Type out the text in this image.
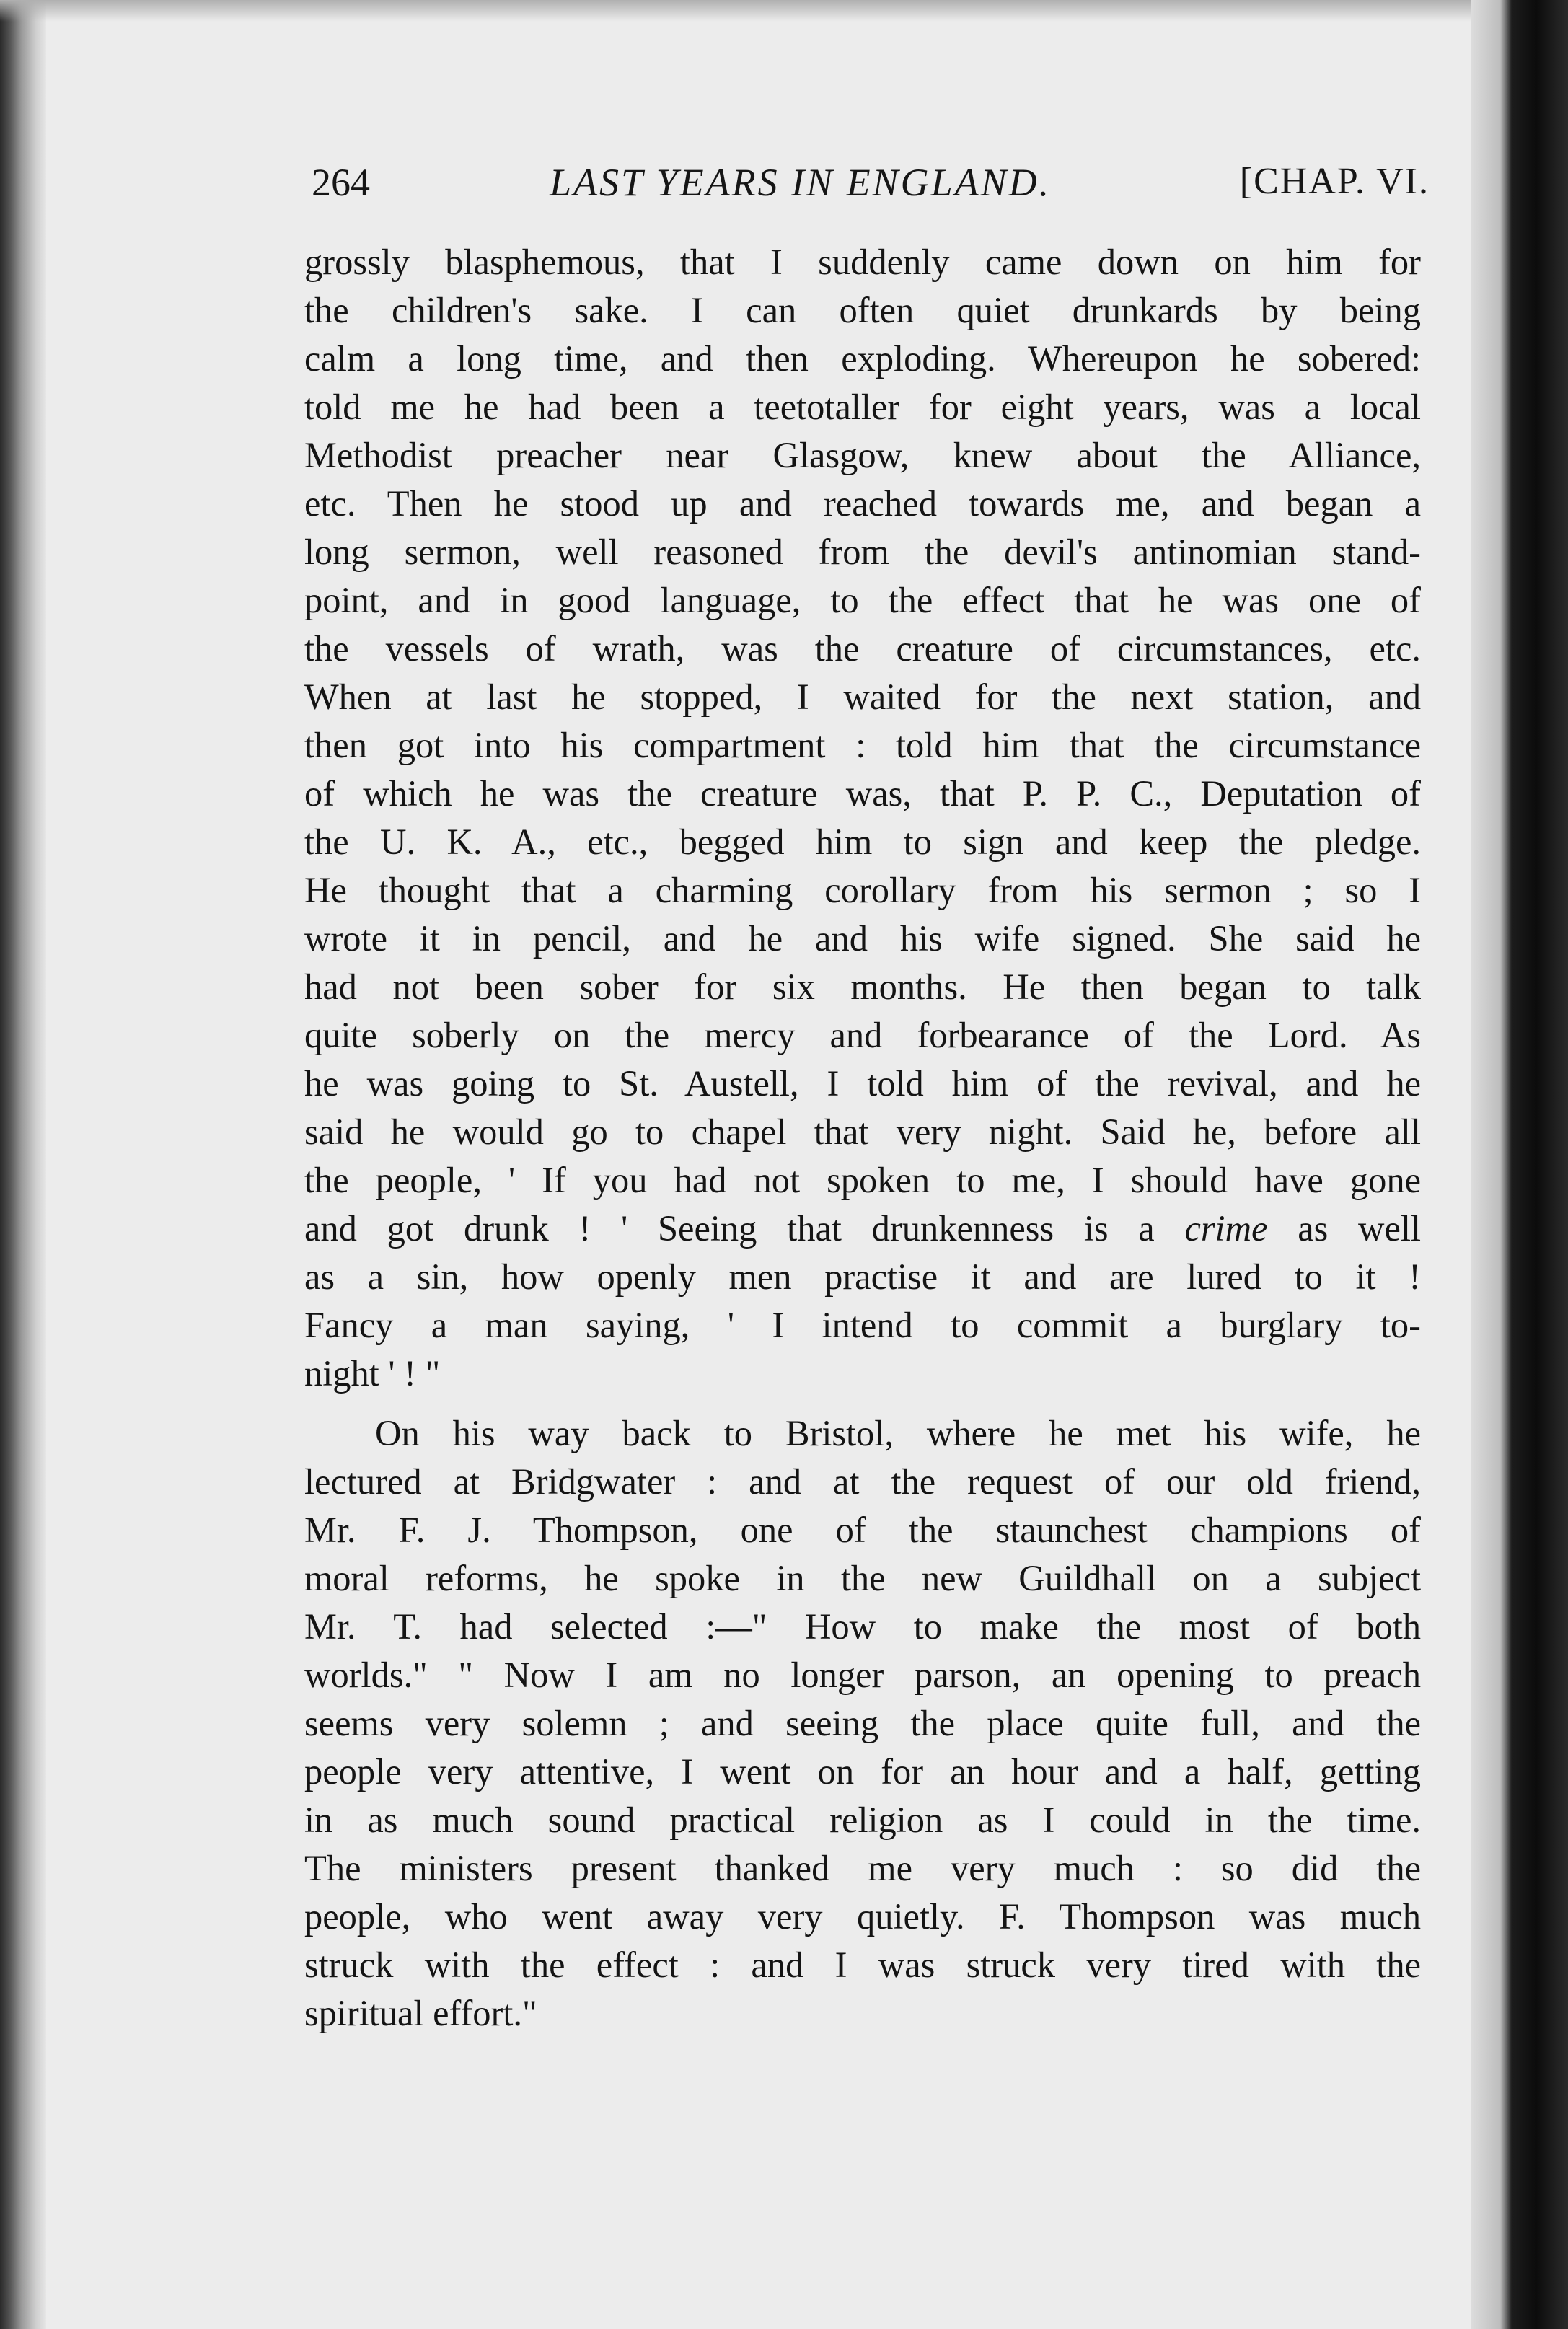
264	LAST YEARS IN ENGLAND.	[CHAP. VI.
grossly blasphemous, that I suddenly came down on him for
the children's sake. I can often quiet drunkards by being
calm a long time, and then exploding. Whereupon he sobered:
told me he had been a teetotaller for eight years, was a local
Methodist preacher near Glasgow, knew about the Alliance,
etc. Then he stood up and reached towards me, and began a
long sermon, well reasoned from the devil's antinomian stand-
point, and in good language, to the effect that he was one of
the vessels of wrath, was the creature of circumstances, etc.
When at last he stopped, I waited for the next station, and
then got into his compartment : told him that the circumstance
of which he was the creature was, that P. P. C., Deputation of
the U. K. A., etc., begged him to sign and keep the pledge.
He thought that a charming corollary from his sermon ; so I
wrote it in pencil, and he and his wife signed. She said he
had not been sober for six months. He then began to talk
quite soberly on the mercy and forbearance of the Lord. As
he was going to St. Austell, I told him of the revival, and he
said he would go to chapel that very night. Said he, before all
the people, ' If you had not spoken to me, I should have gone
and got drunk ! ' Seeing that drunkenness is a crime as well
as a sin, how openly men practise it and are lured to it !
Fancy a man saying, ' I intend to commit a burglary to-
night ' ! "
On his way back to Bristol, where he met his wife, he
lectured at Bridgwater : and at the request of our old friend,
Mr. F. J. Thompson, one of the staunchest champions of
moral reforms, he spoke in the new Guildhall on a subject
Mr. T. had selected :—" How to make the most of both
worlds." " Now I am no longer parson, an opening to preach
seems very solemn ; and seeing the place quite full, and the
people very attentive, I went on for an hour and a half, getting
in as much sound practical religion as I could in the time.
The ministers present thanked me very much : so did the
people, who went away very quietly. F. Thompson was much
struck with the effect : and I was struck very tired with the
spiritual effort."
